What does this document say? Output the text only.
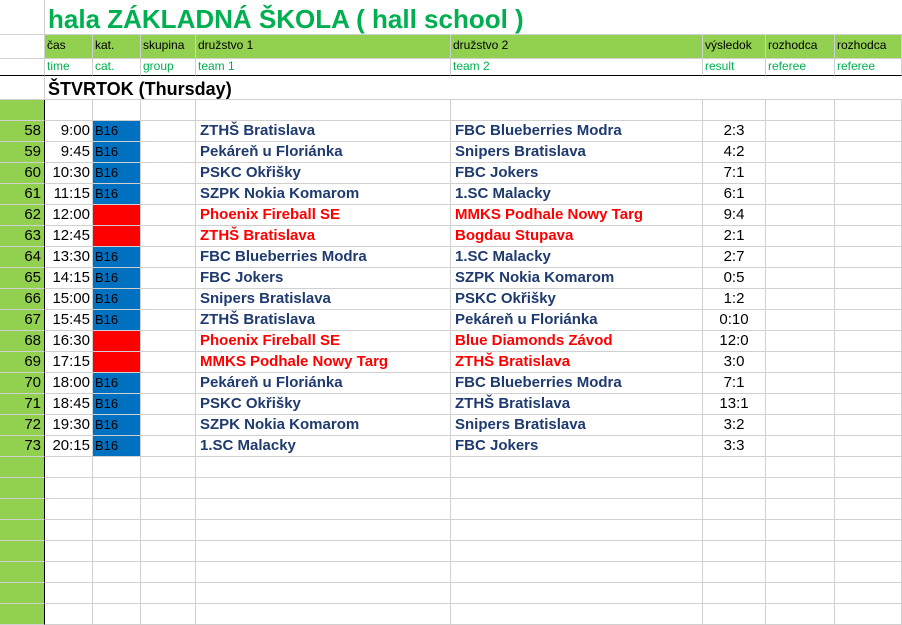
hala ZÁKLADNÁ ŠKOLA ( hall school )
čas	kat.	skupina	družstvo 1	družstvo 2	výsledok	rozhodca	rozhodca
time	cat.	group	team 1	team 2	result	referee	referee
ŠTVRTOK (Thursday)
58	9:00 B16	ZTHŠ Bratislava	FBC Blueberries Modra	2:3
59	9:45 B16	Pekáreň u Floriánka	Snipers Bratislava	4:2
60 10:30 B16	PSKC Okřišky	FBC Jokers	7:1
61 11:15 B16	SZPK Nokia Komarom	1.SC Malacky	6:1
62 12:00	Phoenix Fireball SE	MMKS Podhale Nowy Targ	9:4
63 12:45	ZTHŠ Bratislava	Bogdau Stupava	2:1
64 13:30 B16	FBC Blueberries Modra	1.SC Malacky	2:7
65 14:15 B16	FBC Jokers	SZPK Nokia Komarom	0:5
66 15:00 B16	Snipers Bratislava	PSKC Okřišky	1:2
67 15:45 B16	ZTHŠ Bratislava	Pekáreň u Floriánka	0:10
68 16:30	Phoenix Fireball SE	Blue Diamonds Závod	12:0
69 17:15	MMKS Podhale Nowy Targ	ZTHŠ Bratislava	3:0
70 18:00 B16	Pekáreň u Floriánka	FBC Blueberries Modra	7:1
71 18:45 B16	PSKC Okřišky	ZTHŠ Bratislava	13:1
72 19:30 B16	SZPK Nokia Komarom	Snipers Bratislava	3:2
73 20:15 B16	1.SC Malacky	FBC Jokers	3:3
